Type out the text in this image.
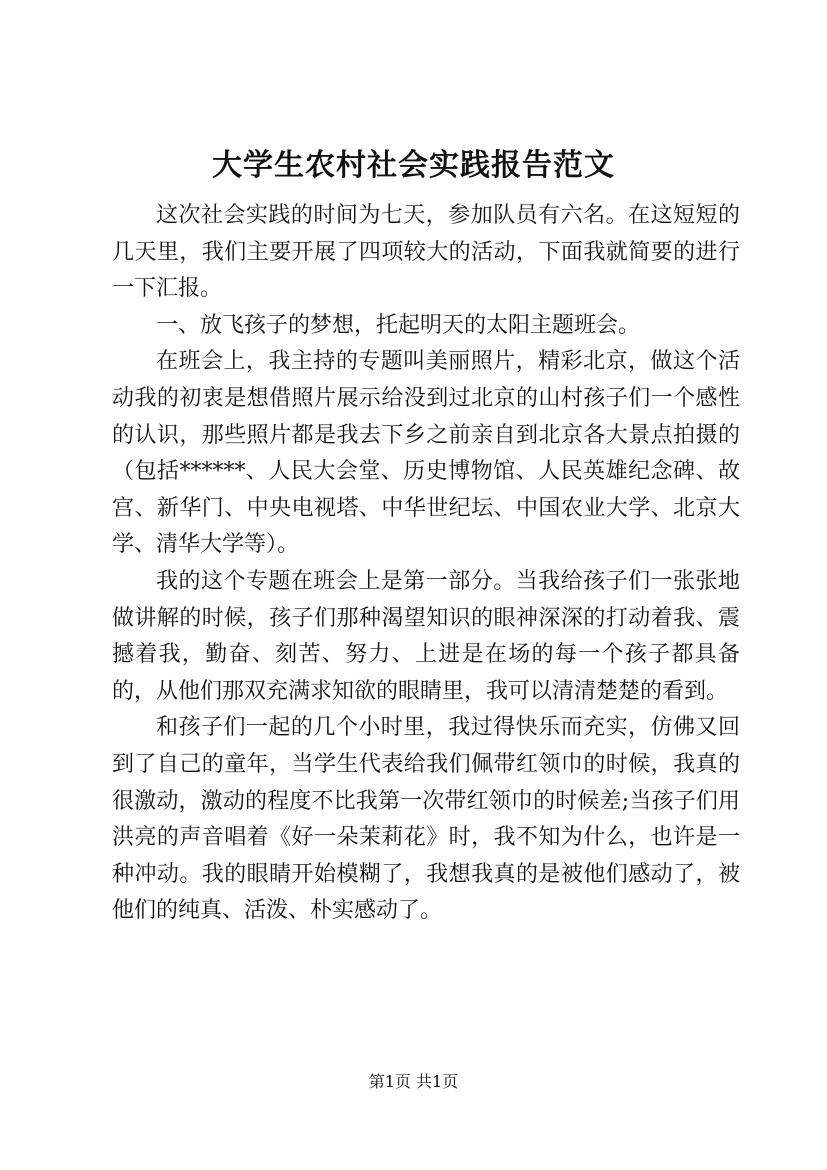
大学生农村社会实践报告范文

这次社会实践的时间为七天，参加队员有六名。在这短短的几天里，我们主要开展了四项较大的活动，下面我就简要的进行一下汇报。

一、放飞孩子的梦想，托起明天的太阳主题班会。

在班会上，我主持的专题叫美丽照片，精彩北京，做这个活动我的初衷是想借照片展示给没到过北京的山村孩子们一个感性的认识，那些照片都是我去下乡之前亲自到北京各大景点拍摄的（包括******、人民大会堂、历史博物馆、人民英雄纪念碑、故宫、新华门、中央电视塔、中华世纪坛、中国农业大学、北京大学、清华大学等）。

我的这个专题在班会上是第一部分。当我给孩子们一张张地做讲解的时候，孩子们那种渴望知识的眼神深深的打动着我、震撼着我，勤奋、刻苦、努力、上进是在场的每一个孩子都具备的，从他们那双充满求知欲的眼睛里，我可以清清楚楚的看到。

和孩子们一起的几个小时里，我过得快乐而充实，仿佛又回到了自己的童年，当学生代表给我们佩带红领巾的时候，我真的很激动，激动的程度不比我第一次带红领巾的时候差;当孩子们用洪亮的声音唱着《好一朵茉莉花》时，我不知为什么，也许是一种冲动。我的眼睛开始模糊了，我想我真的是被他们感动了，被他们的纯真、活泼、朴实感动了。

第1页 共1页
